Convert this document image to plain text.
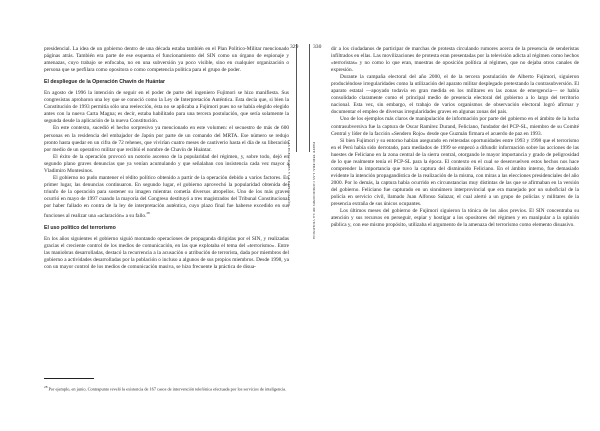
329
LAS ELECCIONES Y LA EXPLICACIÓN...

presidencial. La idea de un gobierno dentro de una década estaba también en el Plan Político-Militar mencionado páginas atrás. También era parte de ese esquema el funcionamiento del SIN como un órgano de espionaje y amenazas, cuyo trabajo se enfocaba, no en una subversión ya poco visible, sino en cualquier organización o persona que se perfilara como opositora o como competencia política para el grupo de poder.

El despliegue de la Operación Chavín de Huántar

En agosto de 1996 la intención de seguir en el poder de parte del ingeniero Fujimori se hizo manifiesta. Sus congresistas aprobaron una ley que se conoció como la Ley de Interpretación Auténtica. Esta decía que, si bien la Constitución de 1993 permitía sólo una reelección, ésta no se aplicaba a Fujimori pues no se había elegido elegido antes con la nueva Carta Magna; es decir, estaba habilitado para una tercera postulación, que sería solamente la segunda desde la aplicación de la nueva Constitución.

En este contexto, sucedió el hecho sorpresivo ya mencionado en este volumen: el secuestro de más de 600 personas en la residencia del embajador de Japón por parte de un comando del MRTA. Ese número se redujo pronto hasta quedar en un cifra de 72 rehenes, que vivirían cuatro meses de cautiverio hasta el día de su liberación por medio de un operativo militar que recibió el nombre de Chavín de Huántar.

El éxito de la operación provocó un notorio ascenso de la popularidad del régimen, y, sobre todo, dejó en segundo plano graves denuncias que ya venían acumulando y que señalaban con insistencia cada vez mayor a Vladimiro Montesinos.

El gobierno no pudo mantener el rédito político obtenido a partir de la operación debido a varios factores. En primer lugar, las denuncias continuaron. En segundo lugar, el gobierno aprovechó la popularidad obtenida del triunfo de la operación para sostener su imagen mientras cometía diversos atropellos. Uno de los más graves ocurrió en mayo de 1997 cuando la mayoría del Congreso destituyó a tres magistrados del Tribunal Constitucional por haber fallado en contra de la ley de interpretación auténtica, cuyo plazo final fue haberse excedido en sus funciones al realizar una «aclaración» a su fallo.$^{28}$

El uso político del terrorismo

En los años siguientes el gobierno siguió montando operaciones de propaganda dirigidas por el SIN, y realizadas gracias el creciente control de los medios de comunicación, en las que explotaba el tema del «terrorismo». Entre las maniobras desarrolladas, destacó la recurrencia a la acusación o atribución de terrorista, dada por miembros del gobierno a actividades desarrolladas por la población o incluso a algunos de sus propios miembros. Desde 1998, ya con un mayor control de los medios de comunicación masiva, se hizo frecuente la práctica de disua-

$^{28}$ Por ejemplo, en junio, Contrapunto reveló la existencia de 167 casos de intervención telefónica efectuada por los servicios de inteligencia.
330
PARTE TERCERA: LAS CONDICIONES DE LA VIOLENCIA

dir a los ciudadanos de participar de marchas de protesta circulando rumores acerca de la presencia de senderistas infiltrados en ellas. Las movilizaciones de protesta eran presentadas por la televisión adicta al régimen como hechos «terroristas» y no como lo que eran, muestras de oposición política al régimen, que no dejaba otros canales de expresión.

Durante la campaña electoral del año 2000, el de la tercera postulación de Alberto Fujimori, siguieron produciéndose irregularidades como la utilización del aparato militar desplegado pretextando la contrasubversión. El aparato estatal —apoyado todavía en gran medida en los militares en las zonas de emergencia— se había consolidado claramente como el principal medio de presencia electoral del gobierno a lo largo del territorio nacional. Esta vez, sin embargo, el trabajo de varios organismos de observación electoral logró afirmar y documentar el empleo de diversas irregularidades graves en algunas zonas del país.

Uno de los ejemplos más claros de manipulación de información por parte del gobierno en el ámbito de la lucha contrasubversiva fue la captura de Oscar Ramírez Durand, Feliciano, fundador del PCP-SL, miembro de su Comité Central y líder de la facción «Sendero Rojo» desde que Guzmán firmara el acuerdo de paz en 1993.

Si bien Fujimori y su entorno habían asegurado en reiteradas oportunidades entre 1993 y 1998 que el terrorismo en el Perú había sido derrotado, para mediados de 1999 se empezó a difundir información sobre las acciones de las huestes de Feliciano en la zona central de la sierra central, otorgando le mayor importancia y grado de peligrosidad de lo que realmente tenía el PCP-SL para la época. El contexto en el cual se desenvuelven estos hechos nos hace comprender la importancia que tuvo la captura del disminuido Feliciano. En el ámbito interno, fue demasiado evidente la intención propagandística de la realización de la misma, con miras a las elecciones presidenciales del año 2000. Por lo demás, la captura había ocurrido en circunstancias muy distintas de las que se afirmaban en la versión del gobierno. Feliciano fue capturado en un sinnúmero interprovincial que era manejado por un suboficial de la policía en servicio civil, llamado Juan Alfonso Salazar, el cual alertó a un grupo de policías y militares de la presencia extraña de sus únicos ocupantes.

Los últimos meses del gobierno de Fujimori siguieron la tónica de los años previos. El SIN concentraba su atención y sus recursos en perseguir, espiar y hostigar a los opositores del régimen y en manipular a la opinión pública y, con ese mismo propósito, utilizaba el argumento de la amenaza del terrorismo como elemento disuasivo.
